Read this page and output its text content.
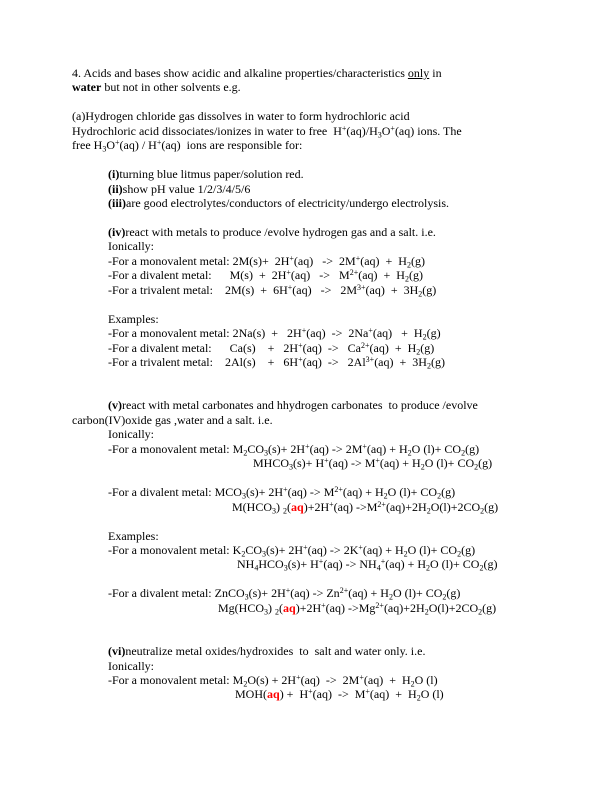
4. Acids and bases show acidic and alkaline properties/characteristics only in
water but not in other solvents e.g.

(a)Hydrogen chloride gas dissolves in water to form hydrochloric acid
Hydrochloric acid dissociates/ionizes in water to free  $H^+(aq)/H_3O^+(aq)$ ions. The
free $H_3O^+(aq) / H^+(aq)$  ions are responsible for:

(i)turning blue litmus paper/solution red.
(ii)show pH value 1/2/3/4/5/6
(iii)are good electrolytes/conductors of electricity/undergo electrolysis.

(iv)react with metals to produce /evolve hydrogen gas and a salt. i.e.
Ionically:
-For a monovalent metal: $2M(s)+ 2H^+(aq) -> 2M^+(aq) + H_2(g)$
-For a divalent metal:      $M(s) + 2H^+(aq) -> M^{2+}(aq) + H_2(g)$
-For a trivalent metal:    $2M(s) + 6H^+(aq) -> 2M^{3+}(aq) + 3H_2(g)$

Examples:
-For a monovalent metal: $2Na(s) + 2H^+(aq) -> 2Na^+(aq) + H_2(g)$
-For a divalent metal:      Ca(s)    +   $2H^+(aq) -> Ca^{2+}(aq) + H_2(g)$
-For a trivalent metal:    2Al(s)    +   $6H^+(aq) -> 2Al^{3+}(aq) + 3H_2(g)$

(v)react with metal carbonates and hhydrogen carbonates  to produce /evolve
carbon(IV)oxide gas ,water and a salt. i.e.
Ionically:
-For a monovalent metal: $M_2CO_3(s)+ 2H^+(aq) -> 2M^+(aq) + H_2O$ $(l)+ CO_2(g)$
$MHCO_3(s)+ H^+(aq) -> M^+(aq) + H_2O$ $(l)+ CO_2(g)$

-For a divalent metal: $MCO_3(s)+ 2H^+(aq) -> M^{2+}(aq) + H_2O$ $(l)+ CO_2(g)$
$M(HCO_3)$ $_2$(aq)+2H+(aq) $->M^{2+}(aq)+2H_2O(l)+2CO_2(g)$

Examples:
-For a monovalent metal: $K_2CO_3(s)+ 2H^+(aq) -> 2K^+(aq) + H_2O$ $(l)+ CO_2(g)$
$NH_4HCO_3(s)+ H^+(aq) -> NH_4^+(aq) + H_2O$ $(l)+ CO_2(g)$

-For a divalent metal: ZnCO$_3$(s)+ $2H^+(aq) -> Zn^{2+}(aq) + H_2O$ $(l)+ CO_2(g)$
$Mg(HCO_3)$ $_2$(aq)+2H+(aq) $->Mg^{2+}(aq)+2H_2O(l)+2CO_2(g)$

(vi)neutralize metal oxides/hydroxides  to  salt and water only. i.e.
Ionically:
-For a monovalent metal: $M_2O(s) + 2H^+(aq) -> 2M^+(aq) + H_2O$ (l)
$MOH(aq) + H^+(aq) -> M^+(aq) + H_2O$ (l)
